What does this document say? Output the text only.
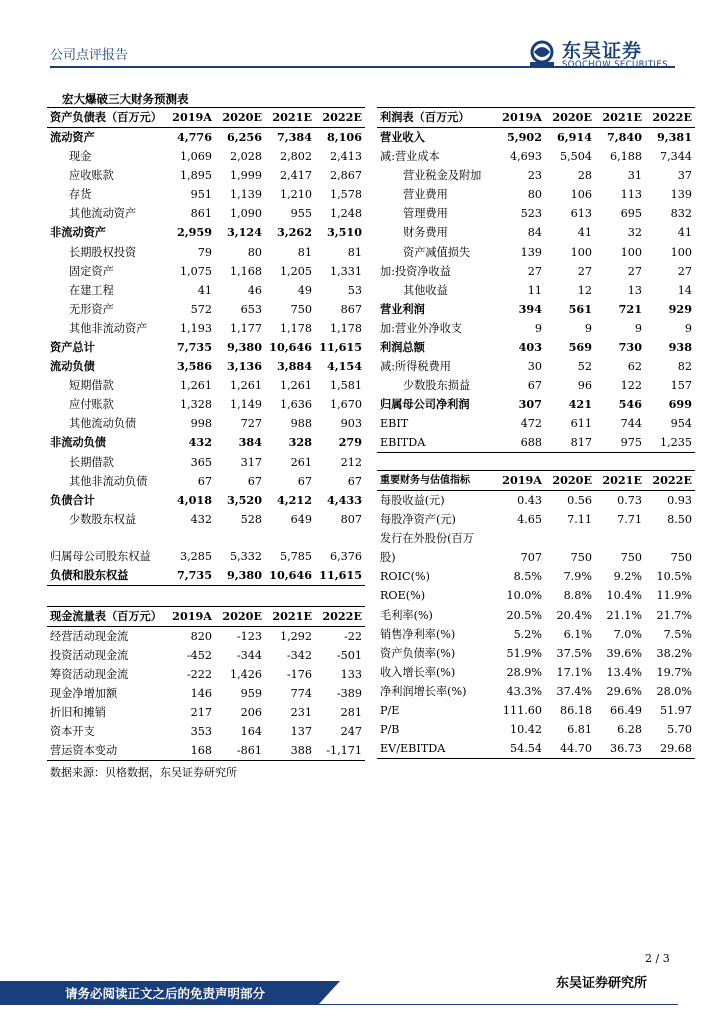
公司点评报告	东吴证券
SOOCHOW SECURITIES
宏大爆破三大财务预测表
资产负债表（百万元）	2019A	2020E	2021E	2022E
流动资产	4,776	6,256	7,384	8,106
现金	1,069	2,028	2,802	2,413
应收账款	1,895	1,999	2,417	2,867
存货	951	1,139	1,210	1,578
其他流动资产	861	1,090	955	1,248
非流动资产	2,959	3,124	3,262	3,510
长期股权投资	79	80	81	81
固定资产	1,075	1,168	1,205	1,331
在建工程	41	46	49	53
无形资产	572	653	750	867
其他非流动资产	1,193	1,177	1,178	1,178
资产总计	7,735	9,380	10,646	11,615
流动负债	3,586	3,136	3,884	4,154
短期借款	1,261	1,261	1,261	1,581
应付账款	1,328	1,149	1,636	1,670
其他流动负债	998	727	988	903
非流动负债	432	384	328	279
长期借款	365	317	261	212
其他非流动负债	67	67	67	67
负债合计	4,018	3,520	4,212	4,433
少数股东权益	432	528	649	807

归属母公司股东权益	3,285	5,332	5,785	6,376
负债和股东权益	7,735	9,380	10,646	11,615
利润表（百万元）	2019A	2020E	2021E	2022E
营业收入	5,902	6,914	7,840	9,381
减:营业成本	4,693	5,504	6,188	7,344
营业税金及附加	23	28	31	37
营业费用	80	106	113	139
管理费用	523	613	695	832
财务费用	84	41	32	41
资产减值损失	139	100	100	100
加:投资净收益	27	27	27	27
其他收益	11	12	13	14
营业利润	394	561	721	929
加:营业外净收支	9	9	9	9
利润总额	403	569	730	938
减:所得税费用	30	52	62	82
少数股东损益	67	96	122	157
归属母公司净利润	307	421	546	699
EBIT	472	611	744	954
EBITDA	688	817	975	1,235
重要财务与估值指标	2019A	2020E	2021E	2022E
每股收益(元)	0.43	0.56	0.73	0.93
每股净资产(元)	4.65	7.11	7.71	8.50
发行在外股份(百万				
股)	707	750	750	750
ROIC(%)	8.5%	7.9%	9.2%	10.5%
ROE(%)	10.0%	8.8%	10.4%	11.9%
毛利率(%)	20.5%	20.4%	21.1%	21.7%
销售净利率(%)	5.2%	6.1%	7.0%	7.5%
资产负债率(%)	51.9%	37.5%	39.6%	38.2%
收入增长率(%)	28.9%	17.1%	13.4%	19.7%
净利润增长率(%)	43.3%	37.4%	29.6%	28.0%
P/E	111.60	86.18	66.49	51.97
P/B	10.42	6.81	6.28	5.70
EV/EBITDA	54.54	44.70	36.73	29.68
现金流量表（百万元）	2019A	2020E	2021E	2022E
经营活动现金流	820	-123	1,292	-22
投资活动现金流	-452	-344	-342	-501
筹资活动现金流	-222	1,426	-176	133
现金净增加额	146	959	774	-389
折旧和摊销	217	206	231	281
资本开支	353	164	137	247
营运资本变动	168	-861	388	-1,171
数据来源：贝格数据，东吴证券研究所
2 / 3
请务必阅读正文之后的免责声明部分
东吴证券研究所
